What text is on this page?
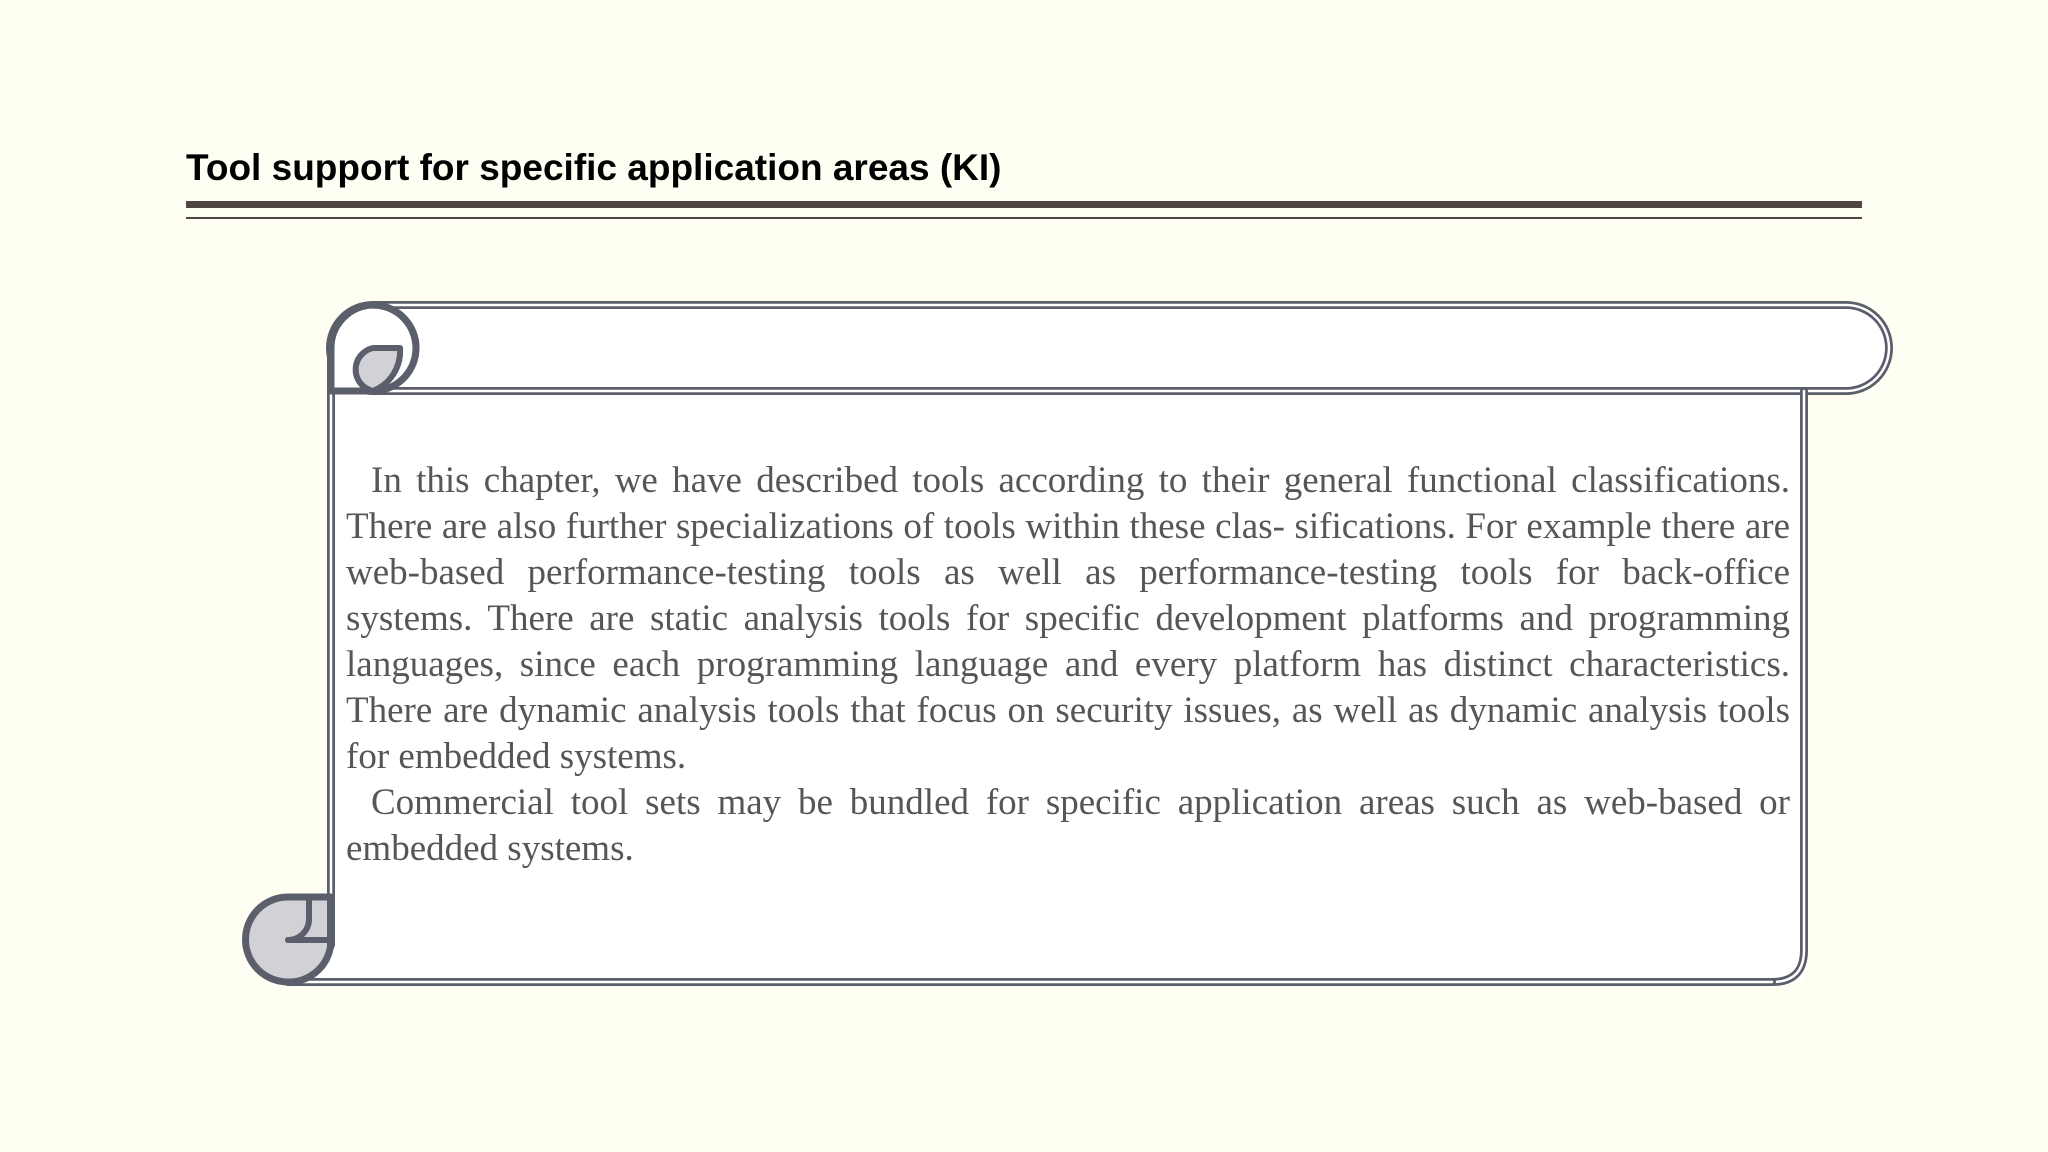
Tool support for specific application areas (KI)

In this chapter, we have described tools according to their general functional classifications. There are also further specializations of tools within these clas- sifications. For example there are web-based performance-testing tools as well as performance-testing tools for back-office systems. There are static analysis tools for specific development platforms and programming languages, since each programming language and every platform has distinct characteristics. There are dynamic analysis tools that focus on security issues, as well as dynamic analysis tools for embedded systems.

Commercial tool sets may be bundled for specific application areas such as web-based or embedded systems.
